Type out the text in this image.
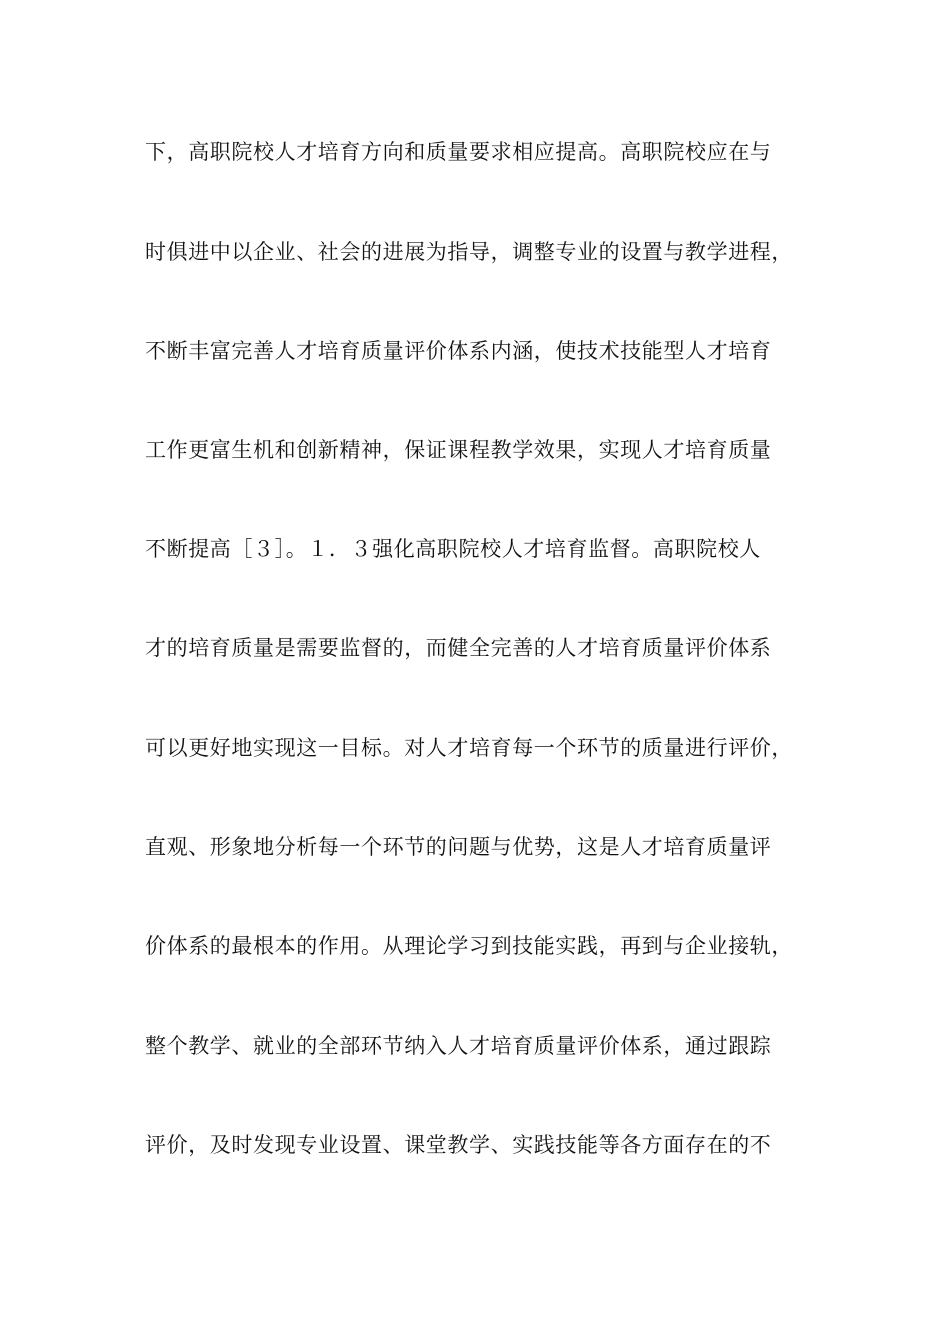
下，高职院校人才培育方向和质量要求相应提高。高职院校应在与
时俱进中以企业、社会的进展为指导，调整专业的设置与教学进程，
不断丰富完善人才培育质量评价体系内涵，使技术技能型人才培育
工作更富生机和创新精神，保证课程教学效果，实现人才培育质量
不断提高［３］。１．３强化高职院校人才培育监督。高职院校人
才的培育质量是需要监督的，而健全完善的人才培育质量评价体系
可以更好地实现这一目标。对人才培育每一个环节的质量进行评价，
直观、形象地分析每一个环节的问题与优势，这是人才培育质量评
价体系的最根本的作用。从理论学习到技能实践，再到与企业接轨，
整个教学、就业的全部环节纳入人才培育质量评价体系，通过跟踪
评价，及时发现专业设置、课堂教学、实践技能等各方面存在的不
